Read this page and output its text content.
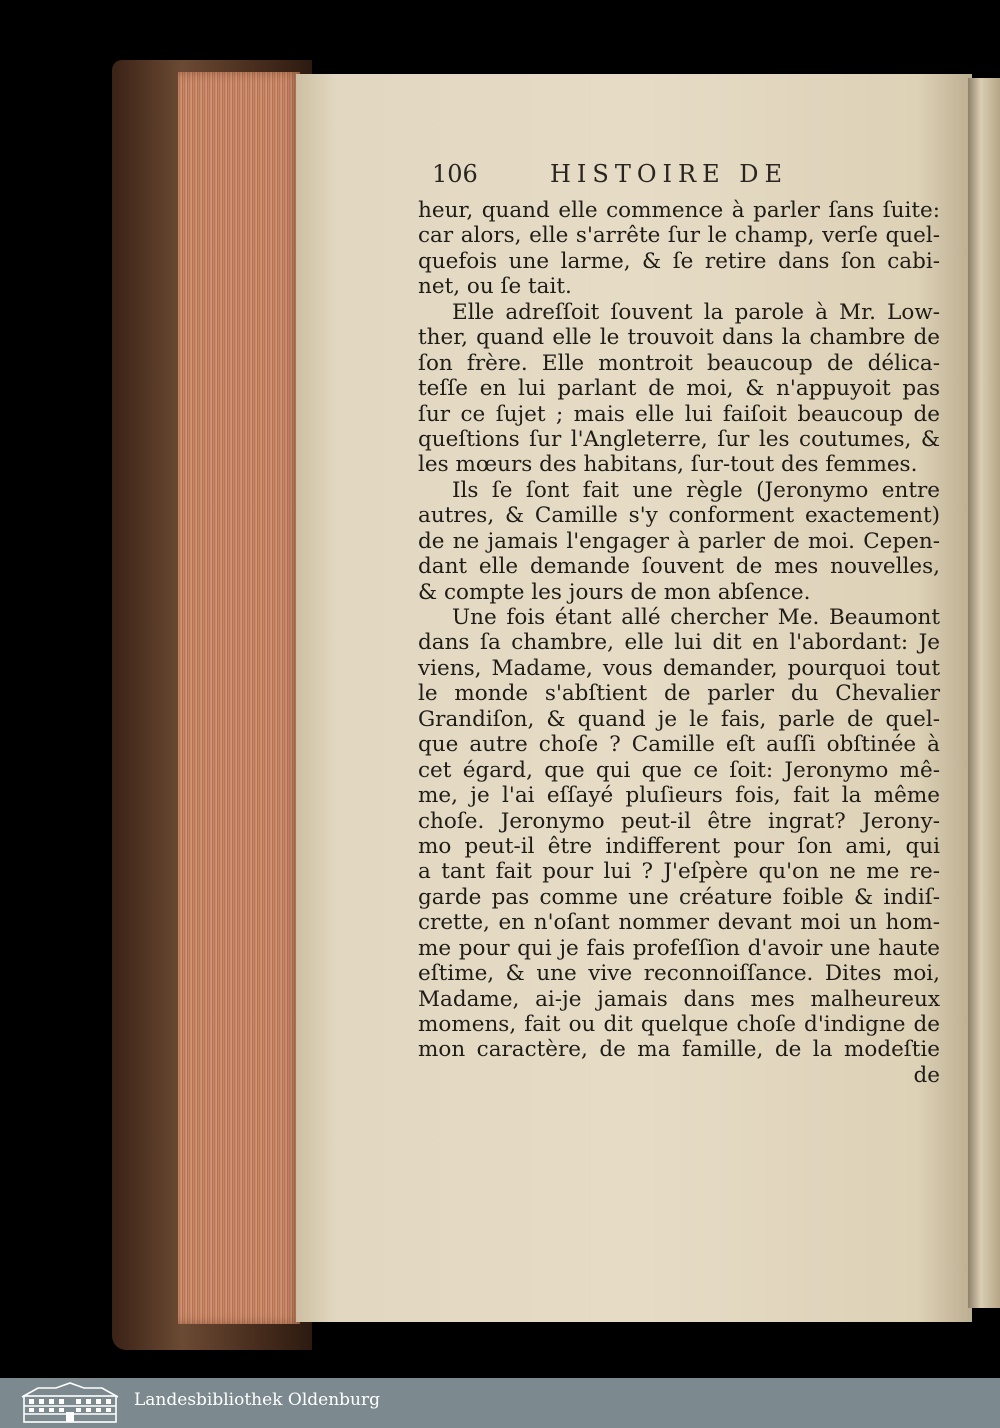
106	HISTOIRE DE
heur, quand elle commence à parler ſans ſuite:
car alors, elle s'arrête ſur le champ, verſe quel-
quefois une larme, & ſe retire dans ſon cabi-
net, ou ſe tait.
Elle adreſſoit ſouvent la parole à Mr. Low-
ther, quand elle le trouvoit dans la chambre de
ſon frère. Elle montroit beaucoup de délica-
teſſe en lui parlant de moi, & n'appuyoit pas
ſur ce ſujet ; mais elle lui faiſoit beaucoup de
queſtions ſur l'Angleterre, ſur les coutumes, &
les mœurs des habitans, ſur-tout des femmes.
Ils ſe ſont fait une règle (Jeronymo entre
autres, & Camille s'y conforment exactement)
de ne jamais l'engager à parler de moi. Cepen-
dant elle demande ſouvent de mes nouvelles,
& compte les jours de mon abſence.
Une fois étant allé chercher Me. Beaumont
dans ſa chambre, elle lui dit en l'abordant: Je
viens, Madame, vous demander, pourquoi tout
le monde s'abſtient de parler du Chevalier
Grandiſon, & quand je le fais, parle de quel-
que autre choſe ? Camille eſt auſſi obſtinée à
cet égard, que qui que ce ſoit: Jeronymo mê-
me, je l'ai eſſayé pluſieurs fois, fait la même
choſe. Jeronymo peut-il être ingrat? Jerony-
mo peut-il être indifferent pour ſon ami, qui
a tant fait pour lui ? J'eſpère qu'on ne me re-
garde pas comme une créature foible & indiſ-
crette, en n'oſant nommer devant moi un hom-
me pour qui je fais profeſſion d'avoir une haute
eſtime, & une vive reconnoiſſance. Dites moi,
Madame, ai-je jamais dans mes malheureux
momens, fait ou dit quelque choſe d'indigne de
mon caractère, de ma famille, de la modeſtie
de
Landesbibliothek Oldenburg
